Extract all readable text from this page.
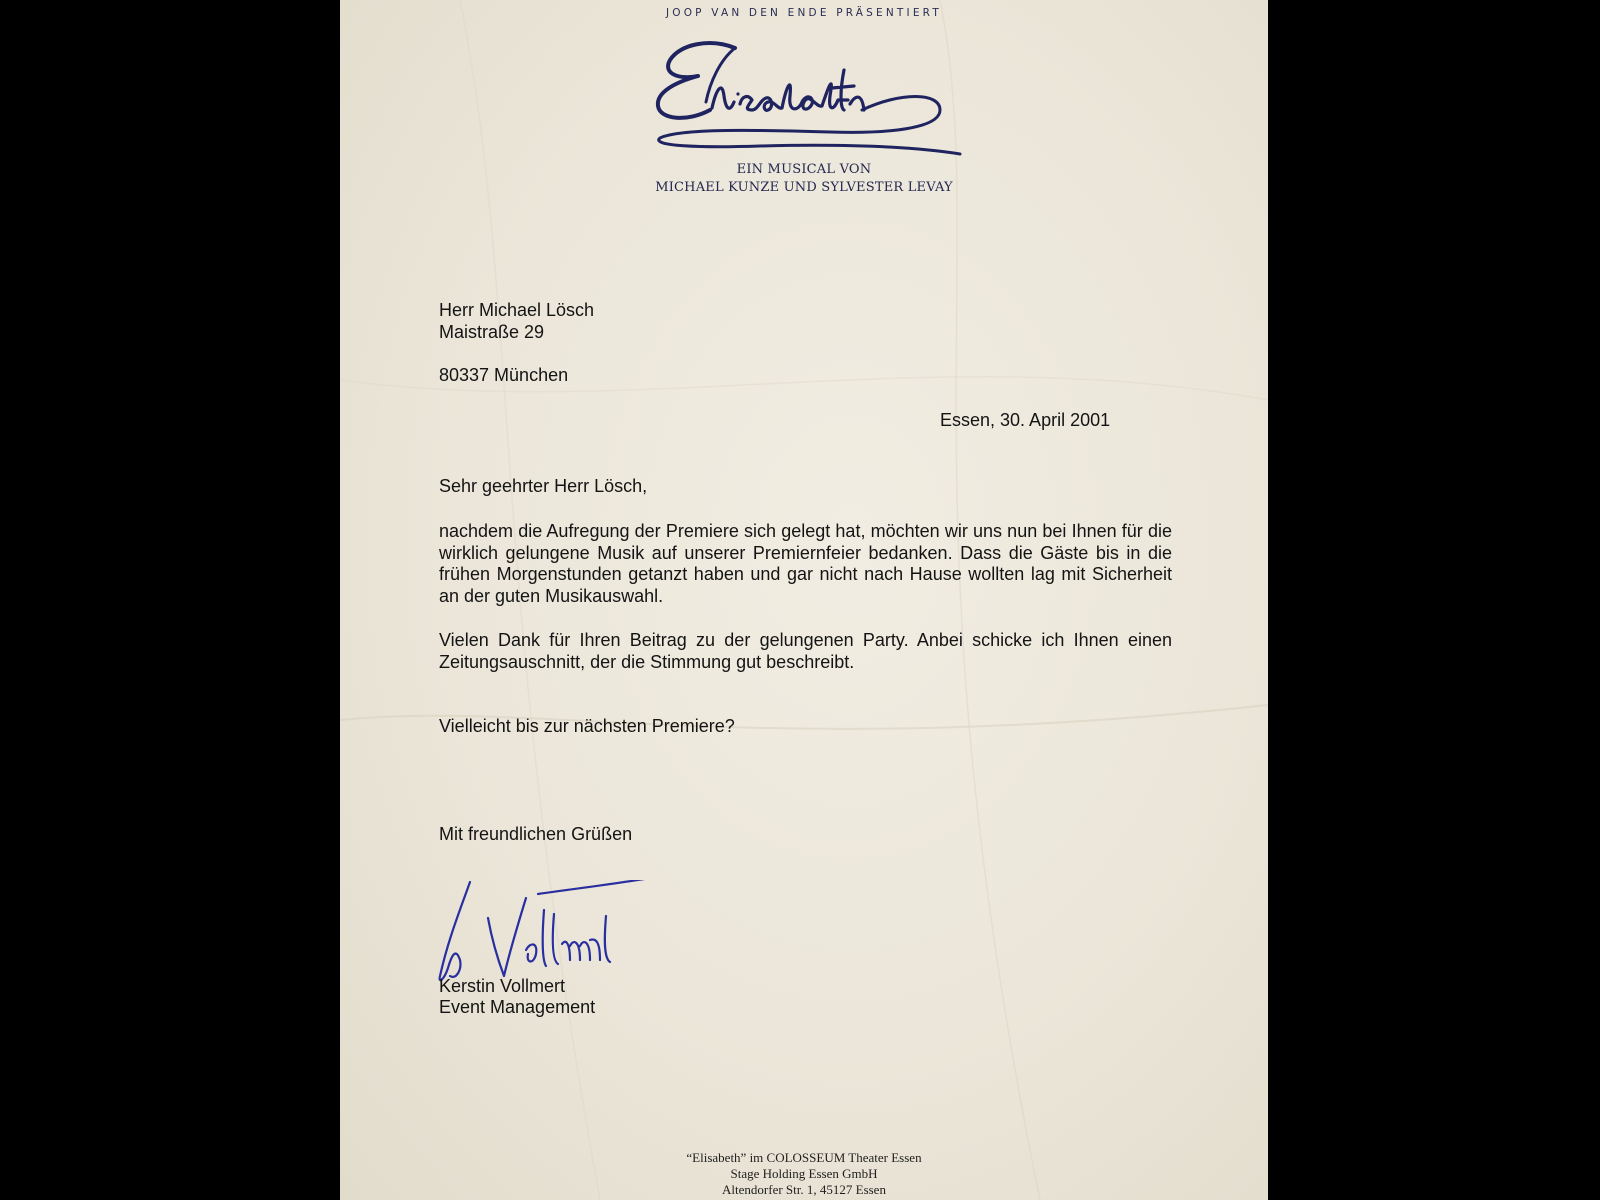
JOOP VAN DEN ENDE PRÄSENTIERT
EIN MUSICAL VON
MICHAEL KUNZE UND SYLVESTER LEVAY
Herr Michael Lösch
Maistraße 29
80337 München
Essen, 30. April 2001
Sehr geehrter Herr Lösch,
nachdem die Aufregung der Premiere sich gelegt hat, möchten wir uns nun bei Ihnen für die wirklich gelungene Musik auf unserer Premiernfeier bedanken. Dass die Gäste bis in die frühen Morgenstunden getanzt haben und gar nicht nach Hause wollten lag mit Sicherheit an der guten Musikauswahl.
Vielen Dank für Ihren Beitrag zu der gelungenen Party. Anbei schicke ich Ihnen einen Zeitungsauschnitt, der die Stimmung gut beschreibt.
Vielleicht bis zur nächsten Premiere?
Mit freundlichen Grüßen
Kerstin Vollmert
Event Management
“Elisabeth” im COLOSSEUM Theater Essen
Stage Holding Essen GmbH
Altendorfer Str. 1, 45127 Essen
